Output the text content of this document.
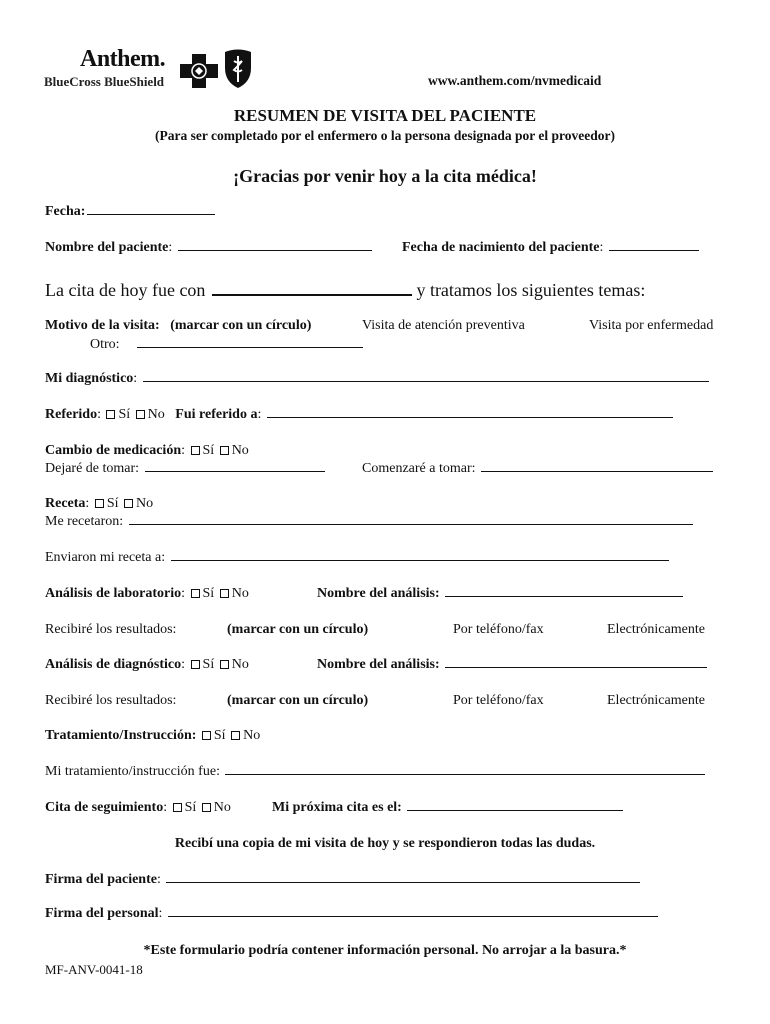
Anthem.
BlueCross BlueShield	www.anthem.com/nvmedicaid
RESUMEN DE VISITA DEL PACIENTE
(Para ser completado por el enfermero o la persona designada por el proveedor)
¡Gracias por venir hoy a la cita médica!
Fecha:
Nombre del paciente:	Fecha de nacimiento del paciente:
La cita de hoy fue con	y tratamos los siguientes temas:
Motivo de la visita: (marcar con un círculo)	Visita de atención preventiva	Visita por enfermedad
Otro:
Mi diagnóstico:
Referido: Sí No Fui referido a:
Cambio de medicación: Sí No
Dejaré de tomar:	Comenzaré a tomar:
Receta: Sí No
Me recetaron:
Enviaron mi receta a:
Análisis de laboratorio: Sí No	Nombre del análisis:
Recibiré los resultados:	(marcar con un círculo)	Por teléfono/fax	Electrónicamente
Análisis de diagnóstico: Sí No	Nombre del análisis:
Recibiré los resultados:	(marcar con un círculo)	Por teléfono/fax	Electrónicamente
Tratamiento/Instrucción: Sí No
Mi tratamiento/instrucción fue:
Cita de seguimiento: Sí No	Mi próxima cita es el:
Recibí una copia de mi visita de hoy y se respondieron todas las dudas.
Firma del paciente:
Firma del personal:
*Este formulario podría contener información personal. No arrojar a la basura.*
MF-ANV-0041-18
